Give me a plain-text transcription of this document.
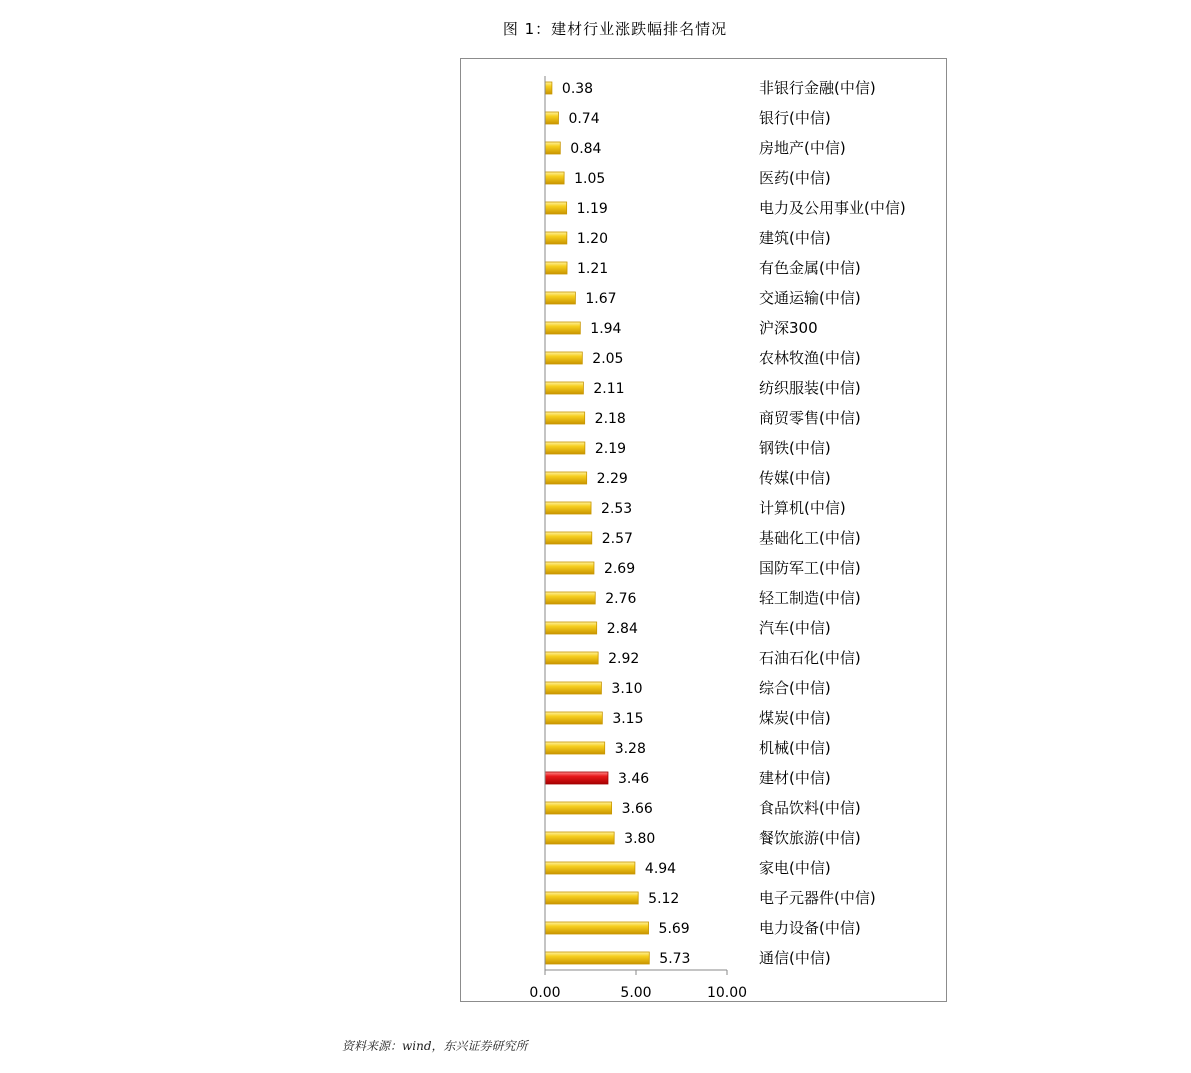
图 1：建材行业涨跌幅排名情况
0.38	非银行金融(中信)
0.74	银行(中信)
0.84	房地产(中信)
1.05	医药(中信)
1.19	电力及公用事业(中信)
1.20	建筑(中信)
1.21	有色金属(中信)
1.67	交通运输(中信)
1.94	沪深300
2.05	农林牧渔(中信)
2.11	纺织服装(中信)
2.18	商贸零售(中信)
2.19	钢铁(中信)
2.29	传媒(中信)
2.53	计算机(中信)
2.57	基础化工(中信)
2.69	国防军工(中信)
2.76	轻工制造(中信)
2.84	汽车(中信)
2.92	石油石化(中信)
3.10	综合(中信)
3.15	煤炭(中信)
3.28	机械(中信)
3.46	建材(中信)
3.66	食品饮料(中信)
3.80	餐饮旅游(中信)
4.94	家电(中信)
5.12	电子元器件(中信)
5.69	电力设备(中信)
5.73	通信(中信)
0.00	5.00	10.00
资料来源：wind，东兴证券研究所
